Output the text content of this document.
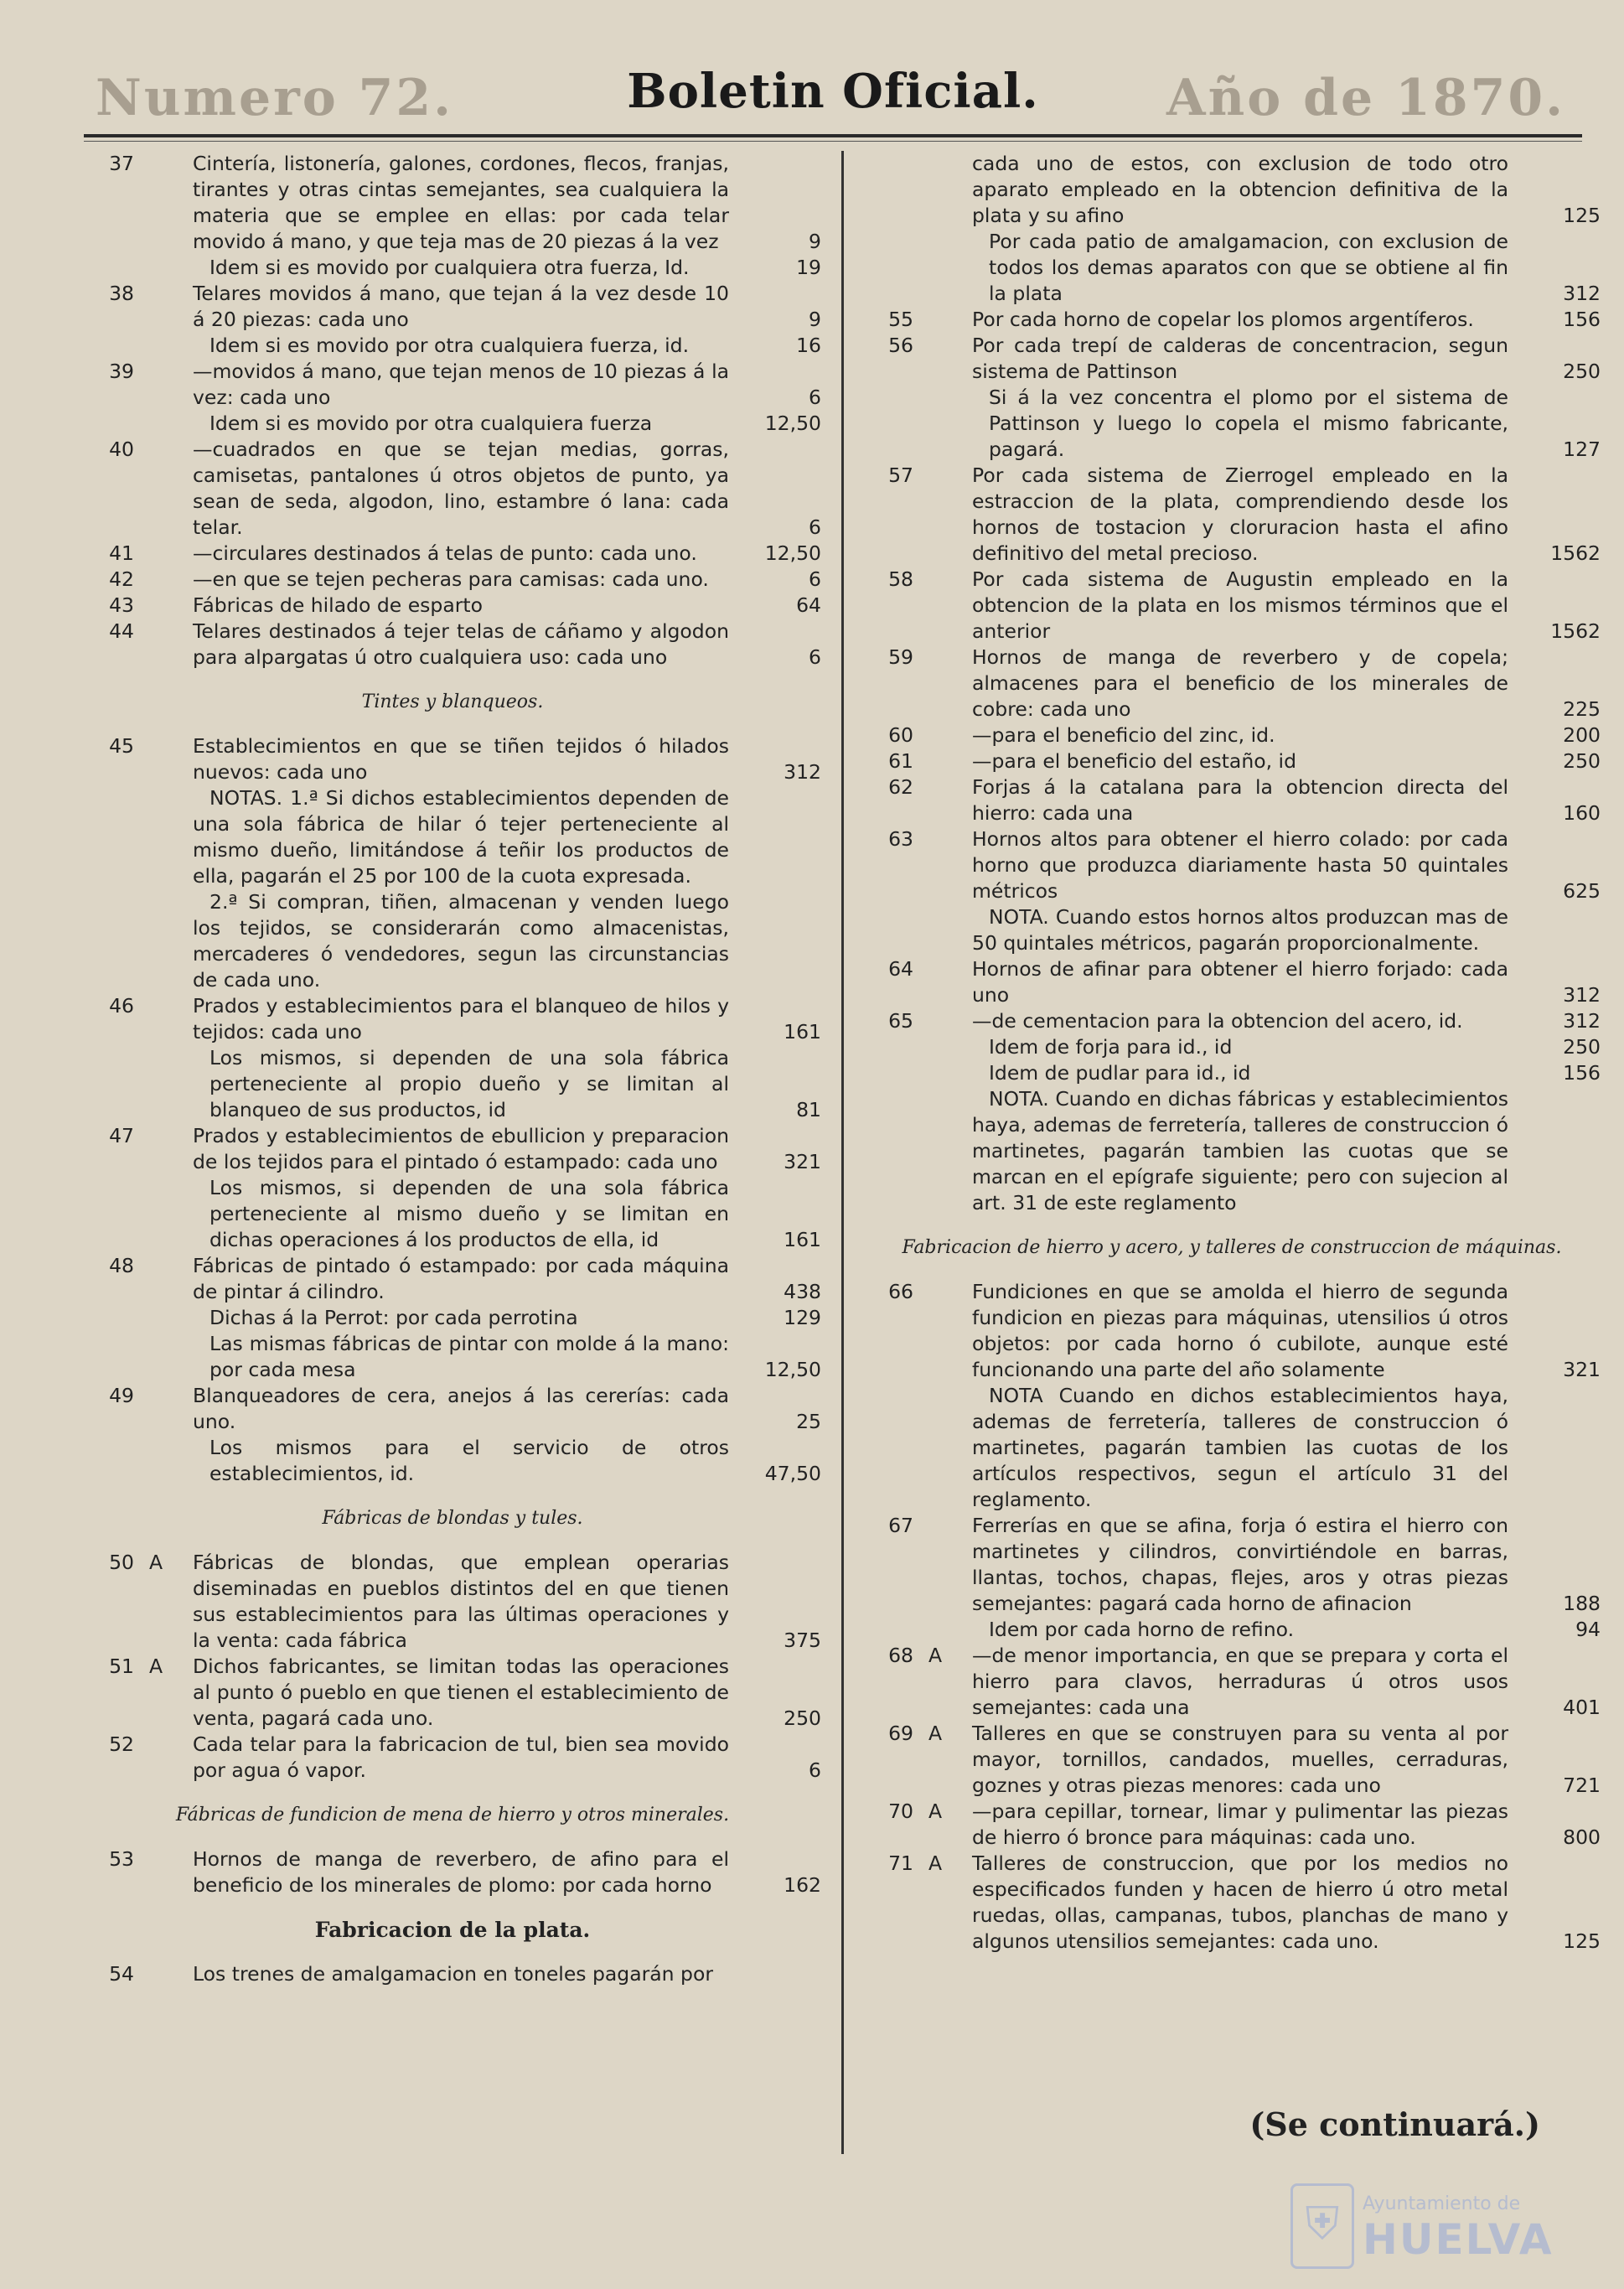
Numero 72.	Boletin Oficial.	Año de 1870.
37	Cintería, listonería, galones, cordones, flecos, franjas, tirantes y otras cintas semejantes, sea cualquiera la materia que se emplee en ellas: por cada telar movido á mano, y que teja mas de 20 piezas á la vez	9
Idem si es movido por cualquiera otra fuerza, Id.	19
38	Telares movidos á mano, que tejan á la vez desde 10 á 20 piezas: cada uno	9
Idem si es movido por otra cualquiera fuerza, id.	16
39	—movidos á mano, que tejan menos de 10 piezas á la vez: cada uno	6
Idem si es movido por otra cualquiera fuerza	12,50
40	—cuadrados en que se tejan medias, gorras, camisetas, pantalones ú otros objetos de punto, ya sean de seda, algodon, lino, estambre ó lana: cada telar.	6
41	—circulares destinados á telas de punto: cada uno.	12,50
42	—en que se tejen pecheras para camisas: cada uno.	6
43	Fábricas de hilado de esparto	64
44	Telares destinados á tejer telas de cáñamo y algodon para alpargatas ú otro cualquiera uso: cada uno	6
Tintes y blanqueos.
45	Establecimientos en que se tiñen tejidos ó hilados nuevos: cada uno	312
NOTAS. 1.ª Si dichos establecimientos dependen de una sola fábrica de hilar ó tejer perteneciente al mismo dueño, limitándose á teñir los productos de ella, pagarán el 25 por 100 de la cuota expresada.
2.ª Si compran, tiñen, almacenan y venden luego los tejidos, se considerarán como almacenistas, mercaderes ó vendedores, segun las circunstancias de cada uno.
46	Prados y establecimientos para el blanqueo de hilos y tejidos: cada uno	161
Los mismos, si dependen de una sola fábrica perteneciente al propio dueño y se limitan al blanqueo de sus productos, id	81
47	Prados y establecimientos de ebullicion y preparacion de los tejidos para el pintado ó estampado: cada uno	321
Los mismos, si dependen de una sola fábrica perteneciente al mismo dueño y se limitan en dichas operaciones á los productos de ella, id	161
48	Fábricas de pintado ó estampado: por cada máquina de pintar á cilindro.	438
Dichas á la Perrot: por cada perrotina	129
Las mismas fábricas de pintar con molde á la mano: por cada mesa	12,50
49	Blanqueadores de cera, anejos á las cererías: cada uno.	25
Los mismos para el servicio de otros establecimientos, id.	47,50
Fábricas de blondas y tules.
50 A	Fábricas de blondas, que emplean operarias diseminadas en pueblos distintos del en que tienen sus establecimientos para las últimas operaciones y la venta: cada fábrica	375
51 A	Dichos fabricantes, se limitan todas las operaciones al punto ó pueblo en que tienen el establecimiento de venta, pagará cada uno.	250
52	Cada telar para la fabricacion de tul, bien sea movido por agua ó vapor.	6
Fábricas de fundicion de mena de hierro y otros minerales.
53	Hornos de manga de reverbero, de afino para el beneficio de los minerales de plomo: por cada horno	162
Fabricacion de la plata.
54	Los trenes de amalgamacion en toneles pagarán por
cada uno de estos, con exclusion de todo otro aparato empleado en la obtencion definitiva de la plata y su afino	125
Por cada patio de amalgamacion, con exclusion de todos los demas aparatos con que se obtiene al fin la plata	312
55	Por cada horno de copelar los plomos argentíferos.	156
56	Por cada trepí de calderas de concentracion, segun sistema de Pattinson	250
Si á la vez concentra el plomo por el sistema de Pattinson y luego lo copela el mismo fabricante, pagará.	127
57	Por cada sistema de Zierrogel empleado en la estraccion de la plata, comprendiendo desde los hornos de tostacion y cloruracion hasta el afino definitivo del metal precioso.	1562
58	Por cada sistema de Augustin empleado en la obtencion de la plata en los mismos términos que el anterior	1562
59	Hornos de manga de reverbero y de copela; almacenes para el beneficio de los minerales de cobre: cada uno	225
60	—para el beneficio del zinc, id.	200
61	—para el beneficio del estaño, id	250
62	Forjas á la catalana para la obtencion directa del hierro: cada una	160
63	Hornos altos para obtener el hierro colado: por cada horno que produzca diariamente hasta 50 quintales métricos	625
NOTA. Cuando estos hornos altos produzcan mas de 50 quintales métricos, pagarán proporcionalmente.
64	Hornos de afinar para obtener el hierro forjado: cada uno	312
65	—de cementacion para la obtencion del acero, id.	312
Idem de forja para id., id	250
Idem de pudlar para id., id	156
NOTA. Cuando en dichas fábricas y establecimientos haya, ademas de ferretería, talleres de construccion ó martinetes, pagarán tambien las cuotas que se marcan en el epígrafe siguiente; pero con sujecion al art. 31 de este reglamento
Fabricacion de hierro y acero, y talleres de construccion de máquinas.
66	Fundiciones en que se amolda el hierro de segunda fundicion en piezas para máquinas, utensilios ú otros objetos: por cada horno ó cubilote, aunque esté funcionando una parte del año solamente	321
NOTA Cuando en dichos establecimientos haya, ademas de ferretería, talleres de construccion ó martinetes, pagarán tambien las cuotas de los artículos respectivos, segun el artículo 31 del reglamento.
67	Ferrerías en que se afina, forja ó estira el hierro con martinetes y cilindros, convirtiéndole en barras, llantas, tochos, chapas, flejes, aros y otras piezas semejantes: pagará cada horno de afinacion	188
Idem por cada horno de refino.	94
68 A	—de menor importancia, en que se prepara y corta el hierro para clavos, herraduras ú otros usos semejantes: cada una	401
69 A	Talleres en que se construyen para su venta al por mayor, tornillos, candados, muelles, cerraduras, goznes y otras piezas menores: cada uno	721
70 A	—para cepillar, tornear, limar y pulimentar las piezas de hierro ó bronce para máquinas: cada uno.	800
71 A	Talleres de construccion, que por los medios no especificados funden y hacen de hierro ú otro metal ruedas, ollas, campanas, tubos, planchas de mano y algunos utensilios semejantes: cada uno.	125
(Se continuará.)
⛨	Ayuntamiento de
HUELVA
